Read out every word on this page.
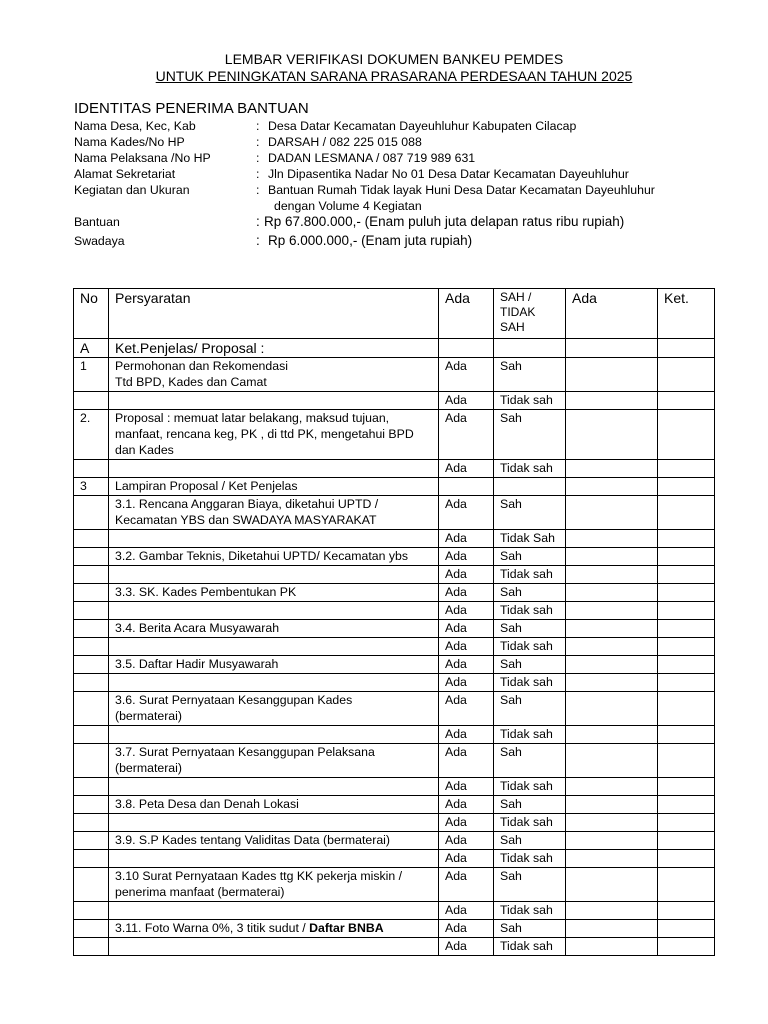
LEMBAR VERIFIKASI DOKUMEN BANKEU PEMDES
UNTUK PENINGKATAN SARANA PRASARANA PERDESAAN TAHUN 2025
IDENTITAS PENERIMA BANTUAN
Nama Desa, Kec, Kab	: Desa Datar Kecamatan Dayeuhluhur Kabupaten Cilacap
Nama Kades/No HP	: DARSAH / 082 225 015 088
Nama Pelaksana /No HP	: DADAN LESMANA / 087 719 989 631
Alamat Sekretariat	: Jln Dipasentika Nadar No 01 Desa Datar Kecamatan Dayeuhluhur
Kegiatan dan Ukuran	: Bantuan Rumah Tidak layak Huni Desa Datar Kecamatan Dayeuhluhur
dengan Volume 4 Kegiatan
Bantuan	: Rp 67.800.000,- (Enam puluh juta delapan ratus ribu rupiah)
Swadaya	: Rp 6.000.000,- (Enam juta rupiah)
No	Persyaratan	Ada	SAH /
TIDAK
SAH	Ada	Ket.
A	Ket.Penjelas/ Proposal :				
1	Permohonan dan Rekomendasi
Ttd BPD, Kades dan Camat	Ada	Sah		
		Ada	Tidak sah		
2.	Proposal : memuat latar belakang, maksud tujuan,
manfaat, rencana keg, PK , di ttd PK, mengetahui BPD
dan Kades	Ada	Sah		
		Ada	Tidak sah		
3	Lampiran Proposal / Ket Penjelas				

	3.1. Rencana Anggaran Biaya, diketahui UPTD /
Kecamatan YBS dan SWADAYA MASYARAKAT	Ada	Sah		
		Ada	Tidak Sah		

	3.2. Gambar Teknis, Diketahui UPTD/ Kecamatan ybs	Ada	Sah		
		Ada	Tidak sah		

	3.3. SK. Kades Pembentukan PK	Ada	Sah		
		Ada	Tidak sah		

	3.4. Berita Acara Musyawarah	Ada	Sah		
		Ada	Tidak sah		

	3.5. Daftar Hadir Musyawarah	Ada	Sah		
		Ada	Tidak sah		

	3.6. Surat Pernyataan Kesanggupan Kades
(bermaterai)	Ada	Sah		
		Ada	Tidak sah		

	3.7. Surat Pernyataan Kesanggupan Pelaksana
(bermaterai)	Ada	Sah		
		Ada	Tidak sah		

	3.8. Peta Desa dan Denah Lokasi	Ada	Sah		
		Ada	Tidak sah		

	3.9. S.P Kades tentang Validitas Data (bermaterai)	Ada	Sah		
		Ada	Tidak sah		

	3.10 Surat Pernyataan Kades ttg KK pekerja miskin /
penerima manfaat (bermaterai)	Ada	Sah		
		Ada	Tidak sah		

	3.11. Foto Warna 0%, 3 titik sudut / Daftar BNBA	Ada	Sah		
		Ada	Tidak sah		
